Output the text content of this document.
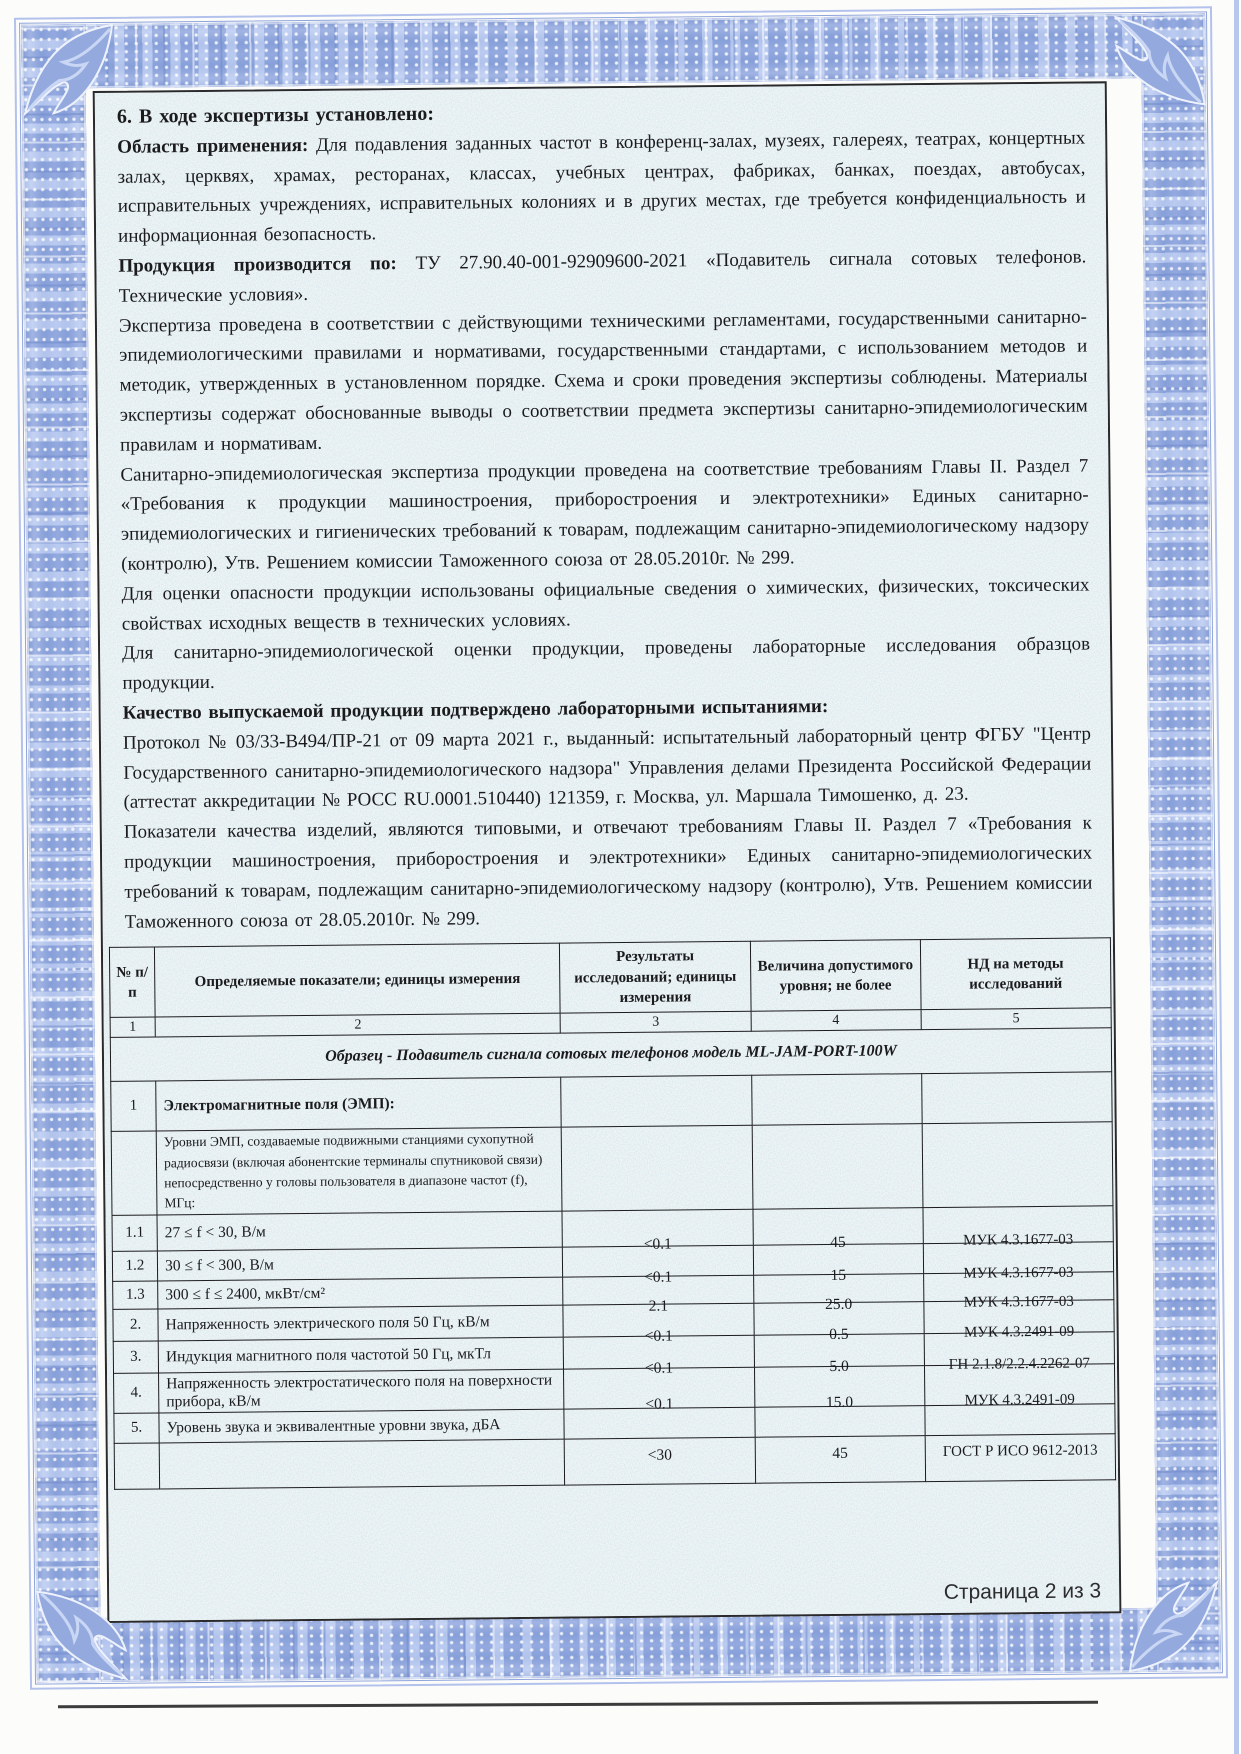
6. В ходе экспертизы установлено:

Область применения: Для подавления заданных частот в конференц-залах, музеях, галереях, театрах, концертных залах, церквях, храмах, ресторанах, классах, учебных центрах, фабриках, банках, поездах, автобусах, исправительных учреждениях, исправительных колониях и в других местах, где требуется конфиденциальность и информационная безопасность.

Продукция производится по: ТУ 27.90.40-001-92909600-2021 «Подавитель сигнала сотовых телефонов. Технические условия».

Экспертиза проведена в соответствии с действующими техническими регламентами, государственными санитарно-эпидемиологическими правилами и нормативами, государственными стандартами, с использованием методов и методик, утвержденных в установленном порядке. Схема и сроки проведения экспертизы соблюдены. Материалы экспертизы содержат обоснованные выводы о соответствии предмета экспертизы санитарно-эпидемиологическим правилам и нормативам.

Санитарно-эпидемиологическая экспертиза продукции проведена на соответствие требованиям Главы II. Раздел 7 «Требования к продукции машиностроения, приборостроения и электротехники» Единых санитарно-эпидемиологических и гигиенических требований к товарам, подлежащим санитарно-эпидемиологическому надзору (контролю), Утв. Решением комиссии Таможенного союза от 28.05.2010г. № 299.

Для оценки опасности продукции использованы официальные сведения о химических, физических, токсических свойствах исходных веществ в технических условиях.

Для санитарно-эпидемиологической оценки продукции, проведены лабораторные исследования образцов продукции.

Качество выпускаемой продукции подтверждено лабораторными испытаниями:

Протокол № 03/33-В494/ПР-21 от 09 марта 2021 г., выданный: испытательный лабораторный центр ФГБУ "Центр Государственного санитарно-эпидемиологического надзора" Управления делами Президента Российской Федерации (аттестат аккредитации № РОСС RU.0001.510440) 121359, г. Москва, ул. Маршала Тимошенко, д. 23.

Показатели качества изделий, являются типовыми, и отвечают требованиям Главы II. Раздел 7 «Требования к продукции машиностроения, приборостроения и электротехники» Единых санитарно-эпидемиологических требований к товарам, подлежащим санитарно-эпидемиологическому надзору (контролю), Утв. Решением комиссии Таможенного союза от 28.05.2010г. № 299.

№ п/п	Определяемые показатели; единицы измерения	Результаты исследований; единицы измерения	Величина допустимого уровня; не более	НД на методы исследований
1	2	3	4	5
Образец - Подавитель сигнала сотовых телефонов модель ML-JAM-PORT-100W				
1	Электромагнитные поля (ЭМП):			
	Уровни ЭМП, создаваемые подвижными станциями сухопутной радиосвязи (включая абонентские терминалы спутниковой связи) непосредственно у головы пользователя в диапазоне частот (f), МГц:			
1.1	27 ≤ f < 30, В/м	<0.1	45	МУК 4.3.1677-03
1.2	30 ≤ f < 300, В/м	<0.1	15	МУК 4.3.1677-03
1.3	300 ≤ f ≤ 2400, мкВт/см²	2.1	25.0	МУК 4.3.1677-03
2.	Напряженность электрического поля 50 Гц, кВ/м	<0.1	0.5	МУК 4.3.2491-09
3.	Индукция магнитного поля частотой 50 Гц, мкТл	<0.1	5.0	ГН 2.1.8/2.2.4.2262-07
4.	Напряженность электростатического поля на поверхности прибора, кВ/м	<0.1	15.0	МУК 4.3.2491-09
5.	Уровень звука и эквивалентные уровни звука, дБА	<30	45	ГОСТ Р ИСО 9612-2013

Страница 2 из 3
